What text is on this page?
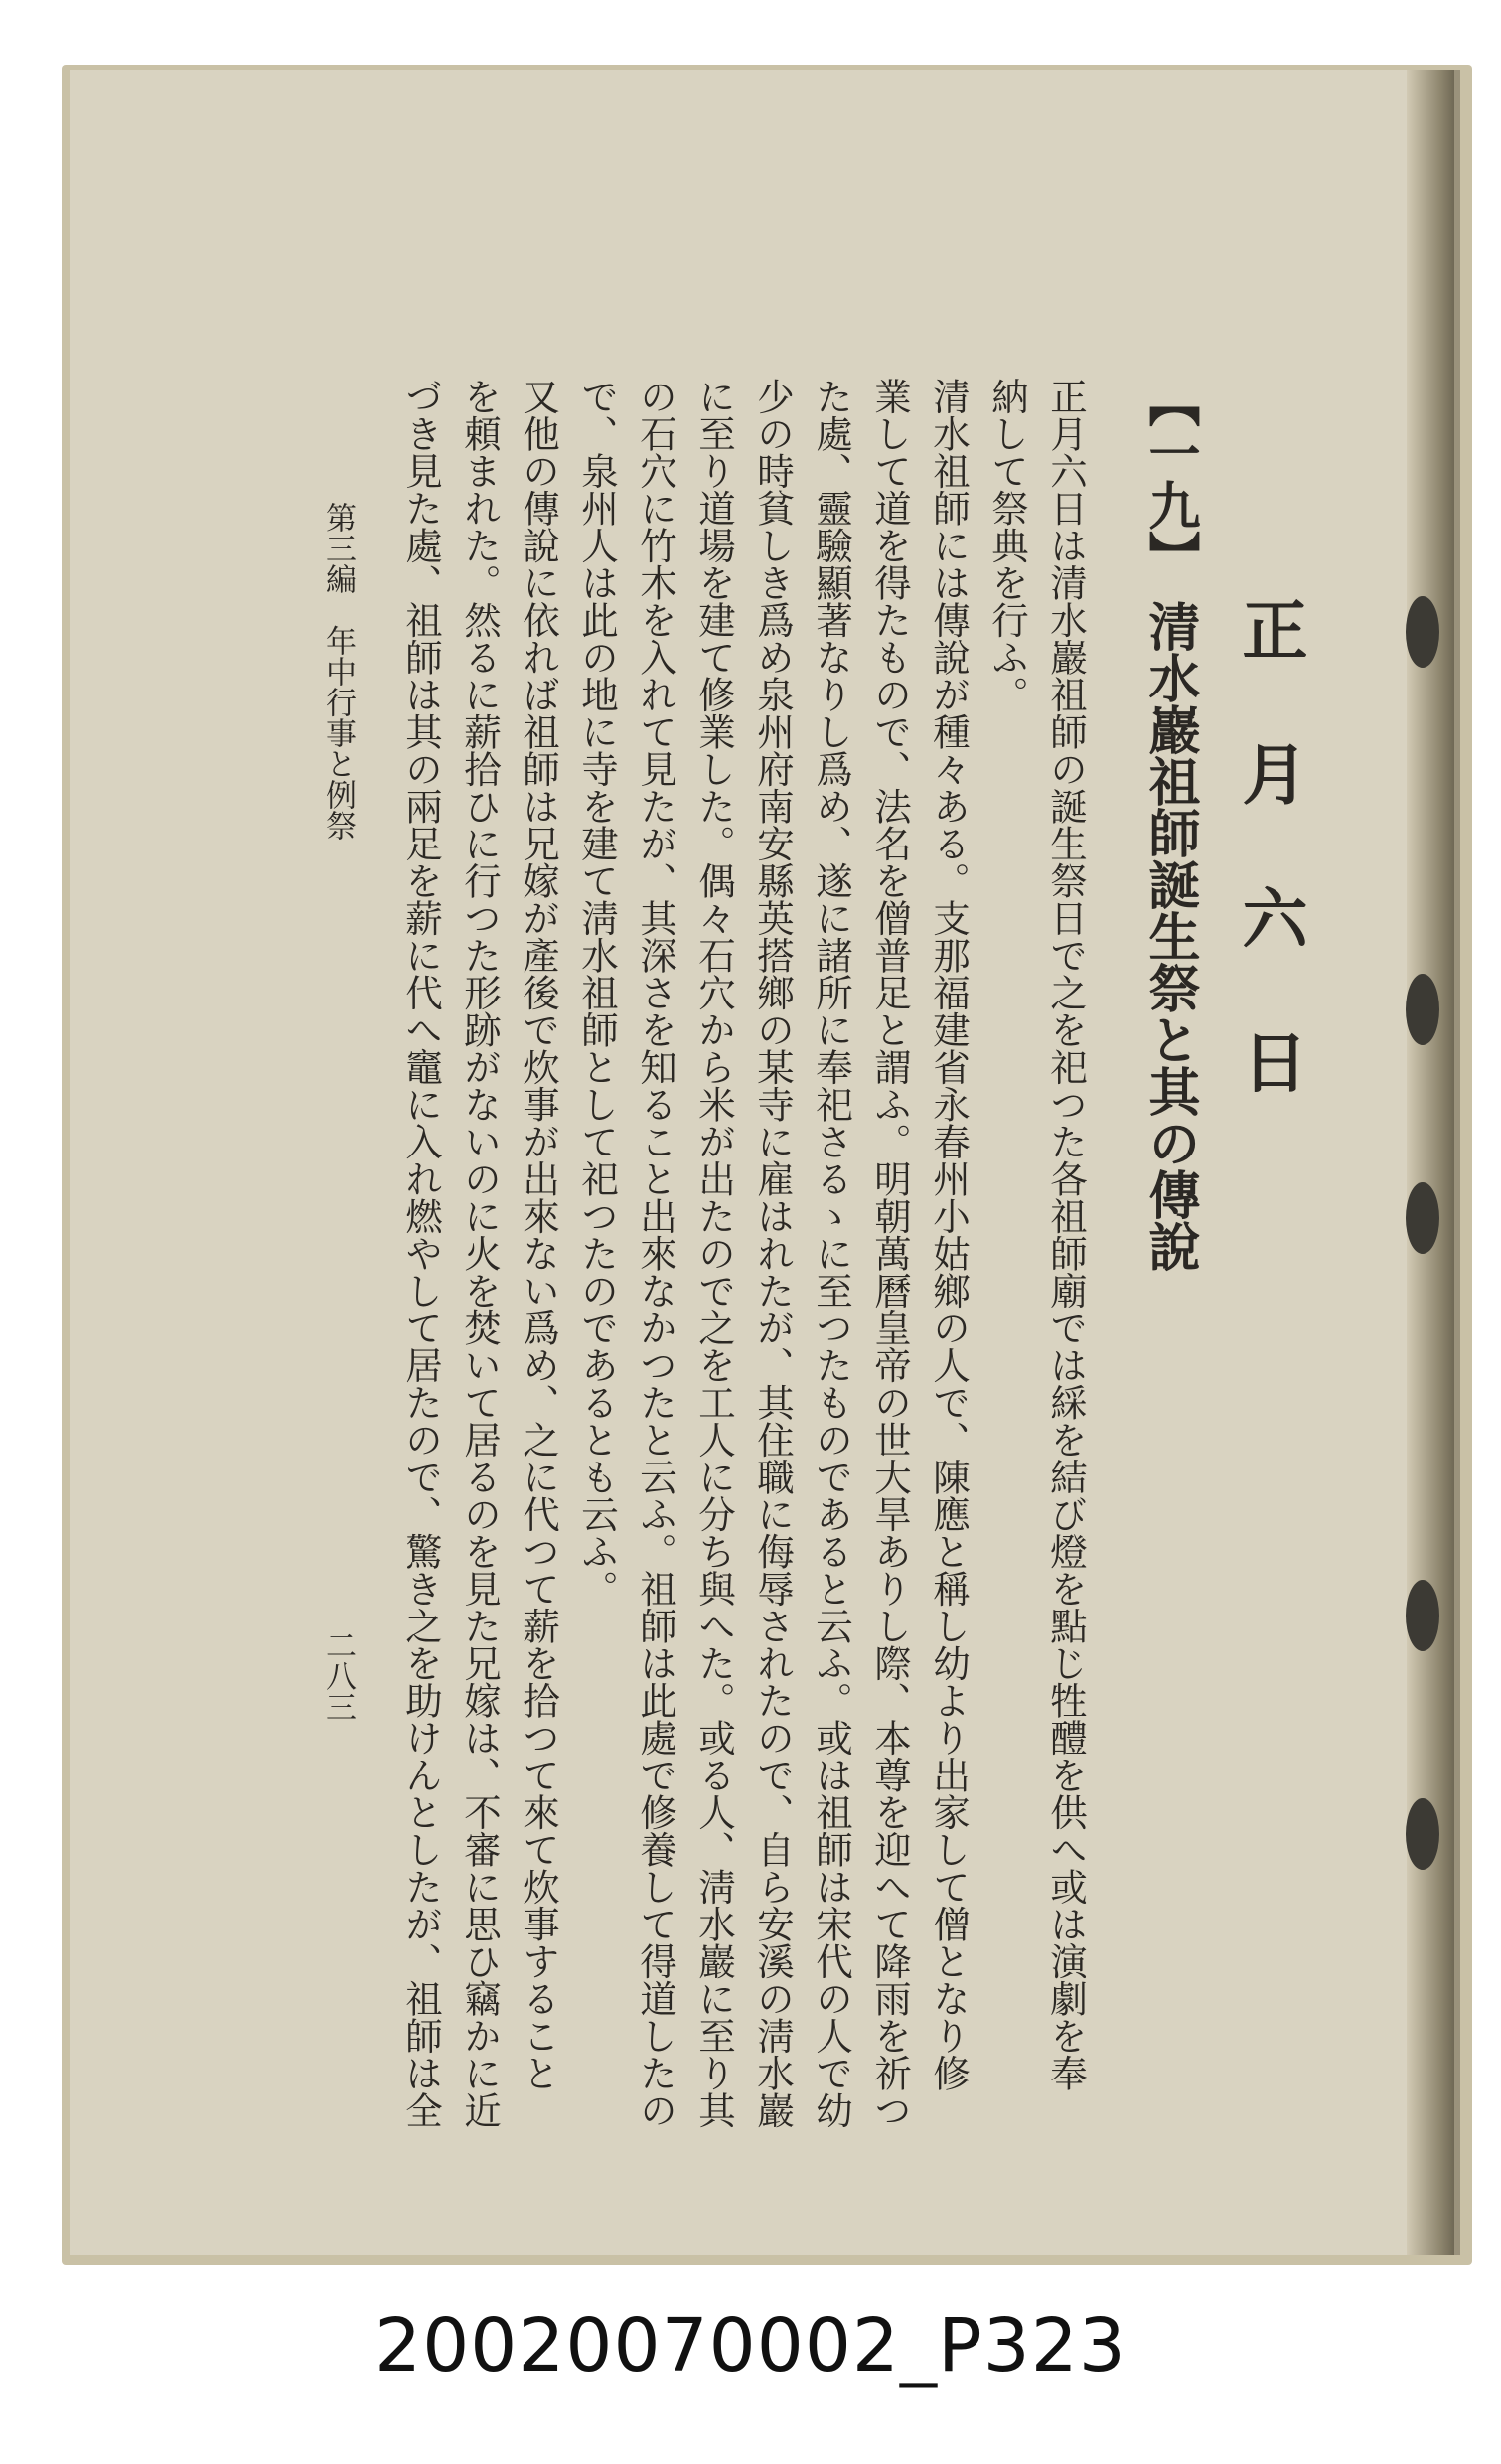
正 月 六 日
【一九】 清水巖祖師誕生祭と其の傳說
正月六日は清水巖祖師の誕生祭日で之を祀つた各祖師廟では綵を結び燈を點じ牲醴を供へ或は演劇を奉
納して祭典を行ふ。
清水祖師には傳說が種々ある。支那福建省永春州小姑鄉の人で、陳應と稱し幼より出家して僧となり修
業して道を得たもので、法名を僧普足と謂ふ。明朝萬曆皇帝の世大旱ありし際、本尊を迎へて降雨を祈つ
た處、靈驗顯著なりし爲め、遂に諸所に奉祀さるゝに至つたものであると云ふ。或は祖師は宋代の人で幼
少の時貧しき爲め泉州府南安縣英搭鄉の某寺に雇はれたが、其住職に侮辱されたので、自ら安溪の淸水巖
に至り道場を建て修業した。偶々石穴から米が出たので之を工人に分ち與へた。或る人、淸水巖に至り其
の石穴に竹木を入れて見たが、其深さを知ること出來なかつたと云ふ。祖師は此處で修養して得道したの
で、泉州人は此の地に寺を建て淸水祖師として祀つたのであるとも云ふ。
又他の傳說に依れば祖師は兄嫁が產後で炊事が出來ない爲め、之に代つて薪を拾つて來て炊事すること
を頼まれた。然るに薪拾ひに行つた形跡がないのに火を焚いて居るのを見た兄嫁は、不審に思ひ竊かに近
づき見た處、祖師は其の兩足を薪に代へ竈に入れ燃やして居たので、驚き之を助けんとしたが、祖師は全
第三編　年中行事と例祭
二八三
20020070002_P323
